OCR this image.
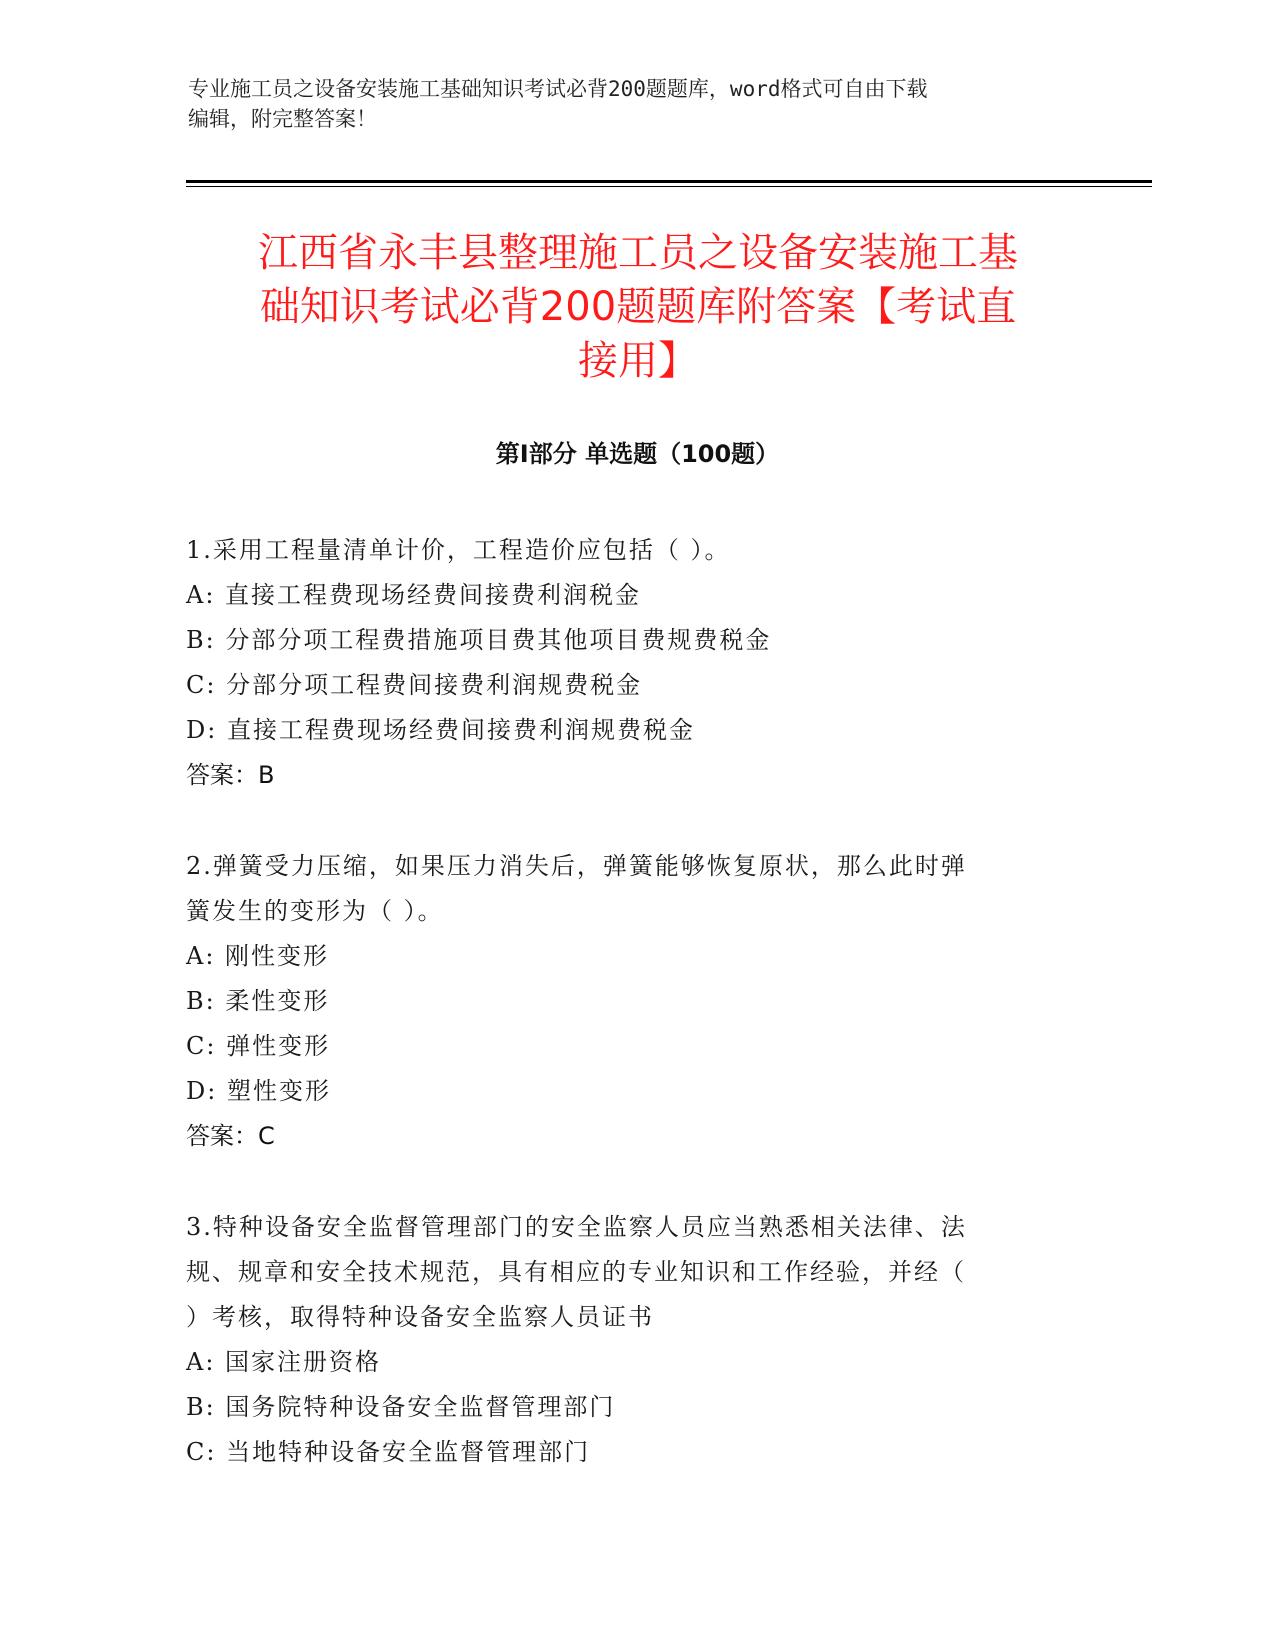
专业施工员之设备安装施工基础知识考试必背200题题库，word格式可自由下载
编辑，附完整答案！
江西省永丰县整理施工员之设备安装施工基
础知识考试必背200题题库附答案【考试直
接用】
第Ⅰ部分 单选题（100题）
1.采用工程量清单计价，工程造价应包括（ ）。
A: 直接工程费现场经费间接费利润税金
B: 分部分项工程费措施项目费其他项目费规费税金
C: 分部分项工程费间接费利润规费税金
D: 直接工程费现场经费间接费利润规费税金
答案：B
2.弹簧受力压缩，如果压力消失后，弹簧能够恢复原状，那么此时弹
簧发生的变形为（ ）。
A: 刚性变形
B: 柔性变形
C: 弹性变形
D: 塑性变形
答案：C
3.特种设备安全监督管理部门的安全监察人员应当熟悉相关法律、法
规、规章和安全技术规范，具有相应的专业知识和工作经验，并经（
）考核，取得特种设备安全监察人员证书
A: 国家注册资格
B: 国务院特种设备安全监督管理部门
C: 当地特种设备安全监督管理部门
